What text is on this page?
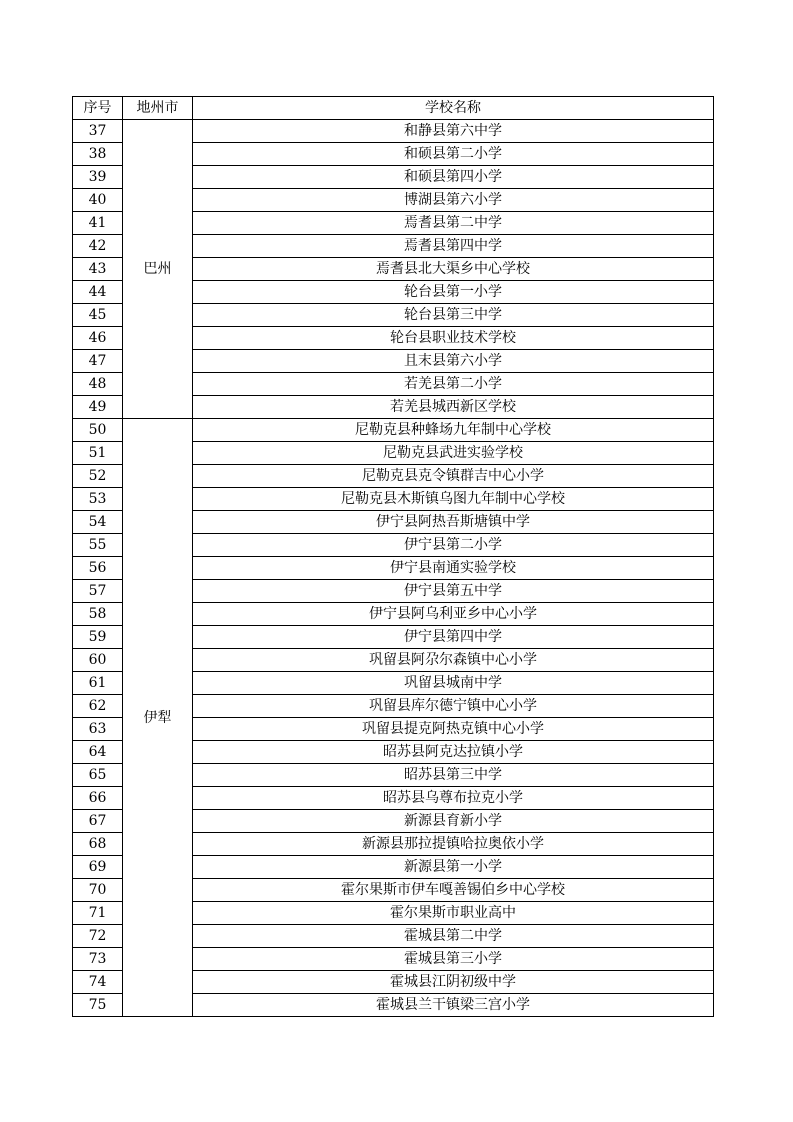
序号	地州市	学校名称
37	巴州	和静县第六中学
38		和硕县第二小学
39		和硕县第四小学
40		博湖县第六小学
41		焉耆县第二中学
42		焉耆县第四中学
43		焉耆县北大渠乡中心学校
44		轮台县第一小学
45		轮台县第三中学
46		轮台县职业技术学校
47		且末县第六小学
48		若羌县第二小学
49		若羌县城西新区学校
50	伊犁	尼勒克县种蜂场九年制中心学校
51		尼勒克县武进实验学校
52		尼勒克县克令镇群吉中心小学
53		尼勒克县木斯镇乌图九年制中心学校
54		伊宁县阿热吾斯塘镇中学
55		伊宁县第二小学
56		伊宁县南通实验学校
57		伊宁县第五中学
58		伊宁县阿乌利亚乡中心小学
59		伊宁县第四中学
60		巩留县阿尕尔森镇中心小学
61		巩留县城南中学
62		巩留县库尔德宁镇中心小学
63		巩留县提克阿热克镇中心小学
64		昭苏县阿克达拉镇小学
65		昭苏县第三中学
66		昭苏县乌尊布拉克小学
67		新源县育新小学
68		新源县那拉提镇哈拉奥依小学
69		新源县第一小学
70		霍尔果斯市伊车嘎善锡伯乡中心学校
71		霍尔果斯市职业高中
72		霍城县第二中学
73		霍城县第三小学
74		霍城县江阴初级中学
75		霍城县兰干镇梁三宫小学
